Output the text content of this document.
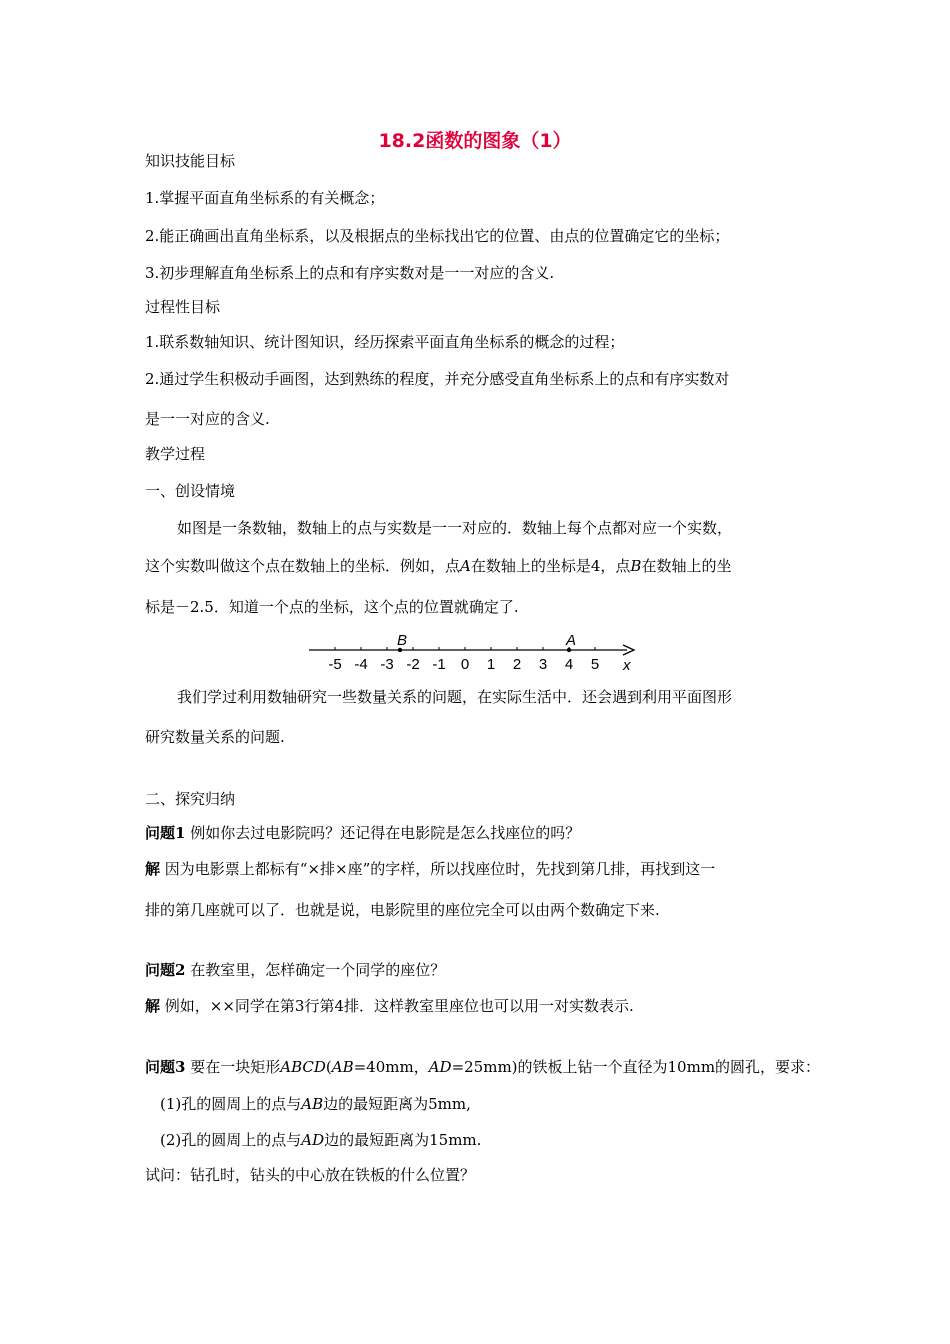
18.2函数的图象（1）
知识技能目标
1.掌握平面直角坐标系的有关概念；
2.能正确画出直角坐标系，以及根据点的坐标找出它的位置、由点的位置确定它的坐标；
3.初步理解直角坐标系上的点和有序实数对是一一对应的含义.
过程性目标
1.联系数轴知识、统计图知识，经历探索平面直角坐标系的概念的过程；
2.通过学生积极动手画图，达到熟练的程度，并充分感受直角坐标系上的点和有序实数对
是一一对应的含义.
教学过程
一、创设情境
如图是一条数轴，数轴上的点与实数是一一对应的．数轴上每个点都对应一个实数，
这个实数叫做这个点在数轴上的坐标．例如，点A在数轴上的坐标是4，点B在数轴上的坐
标是－2.5．知道一个点的坐标，这个点的位置就确定了.
x
-5 -4 -3 -2 -1 0 1 2 3 4 5
B	A
我们学过利用数轴研究一些数量关系的问题，在实际生活中．还会遇到利用平面图形
研究数量关系的问题.
二、探究归纳
问题1 例如你去过电影院吗？还记得在电影院是怎么找座位的吗？
解 因为电影票上都标有“×排×座”的字样，所以找座位时，先找到第几排，再找到这一
排的第几座就可以了．也就是说，电影院里的座位完全可以由两个数确定下来.
问题2 在教室里，怎样确定一个同学的座位？
解 例如，××同学在第3行第4排．这样教室里座位也可以用一对实数表示.
问题3 要在一块矩形ABCD(AB=40mm，AD=25mm)的铁板上钻一个直径为10mm的圆孔，要求：
(1)孔的圆周上的点与AB边的最短距离为5mm,
(2)孔的圆周上的点与AD边的最短距离为15mm.
试问：钻孔时，钻头的中心放在铁板的什么位置？
